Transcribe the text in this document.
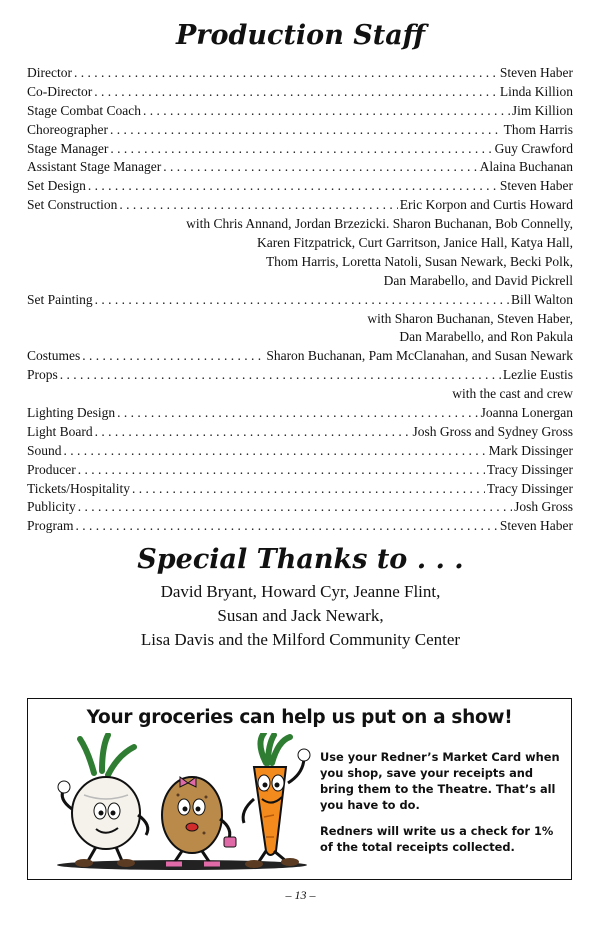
Production Staff
Director . . .	Steven Haber
Co-Director . . .	Linda Killion
Stage Combat Coach . . .	Jim Killion
Choreographer . . .	Thom Harris
Stage Manager . . .	Guy Crawford
Assistant Stage Manager . . .	Alaina Buchanan
Set Design . . .	Steven Haber
Set Construction . . .	Eric Korpon and Curtis Howard
with Chris Annand, Jordan Brzezicki. Sharon Buchanan, Bob Connelly,
Karen Fitzpatrick, Curt Garritson, Janice Hall, Katya Hall,
Thom Harris, Loretta Natoli, Susan Newark, Becki Polk,
Dan Marabello, and David Pickrell
Set Painting . . .	Bill Walton
with Sharon Buchanan, Steven Haber,
Dan Marabello, and Ron Pakula
Costumes . . .	Sharon Buchanan, Pam McClanahan, and Susan Newark
Props . . .	Lezlie Eustis
with the cast and crew
Lighting Design . . .	Joanna Lonergan
Light Board . . .	Josh Gross and Sydney Gross
Sound . . .	Mark Dissinger
Producer . . .	Tracy Dissinger
Tickets/Hospitality . . .	Tracy Dissinger
Publicity . . .	Josh Gross
Program . . .	Steven Haber
Special Thanks to . . .
David Bryant, Howard Cyr, Jeanne Flint,
Susan and Jack Newark,
Lisa Davis and the Milford Community Center
Your groceries can help us put on a show!

Use your Redner’s Market Card when you shop, save your receipts and bring them to the Theatre. That’s all you have to do.

Redners will write us a check for 1% of the total receipts collected.

– 13 –
